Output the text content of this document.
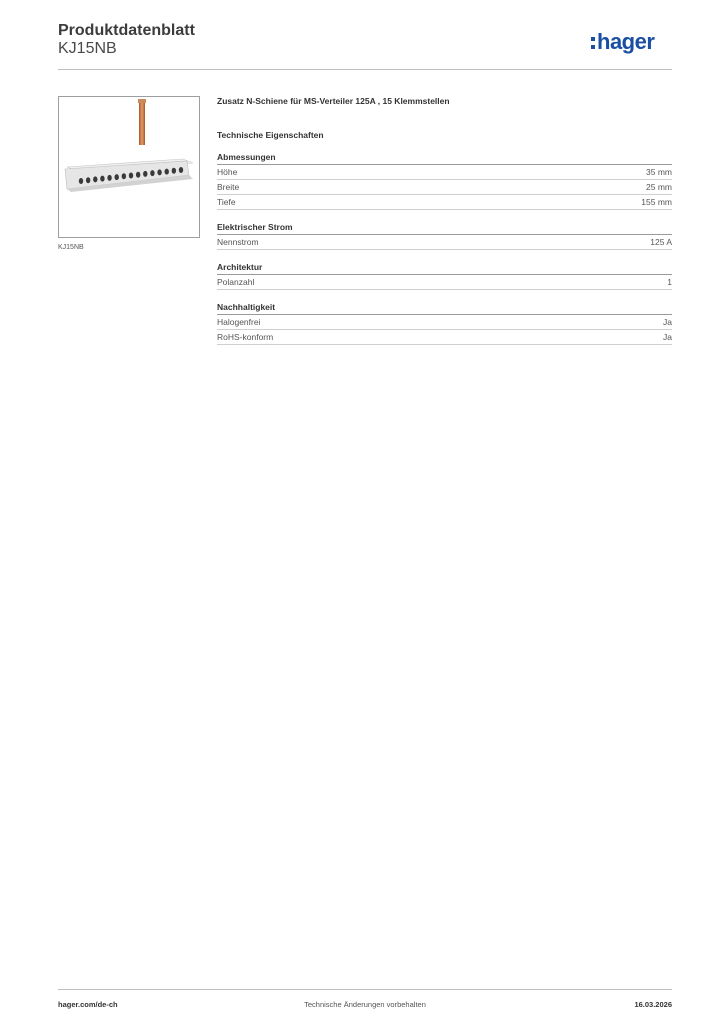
Produktdatenblatt
KJ15NB	hager
KJ15NB
Zusatz N-Schiene für MS-Verteiler 125A , 15 Klemmstellen
Technische Eigenschaften
Abmessungen
Höhe	35 mm
Breite	25 mm
Tiefe	155 mm
Elektrischer Strom
Nennstrom	125 A
Architektur
Polanzahl	1
Nachhaltigkeit
Halogenfrei	Ja
RoHS-konform	Ja
hager.com/de-ch	Technische Änderungen vorbehalten	16.03.2026
